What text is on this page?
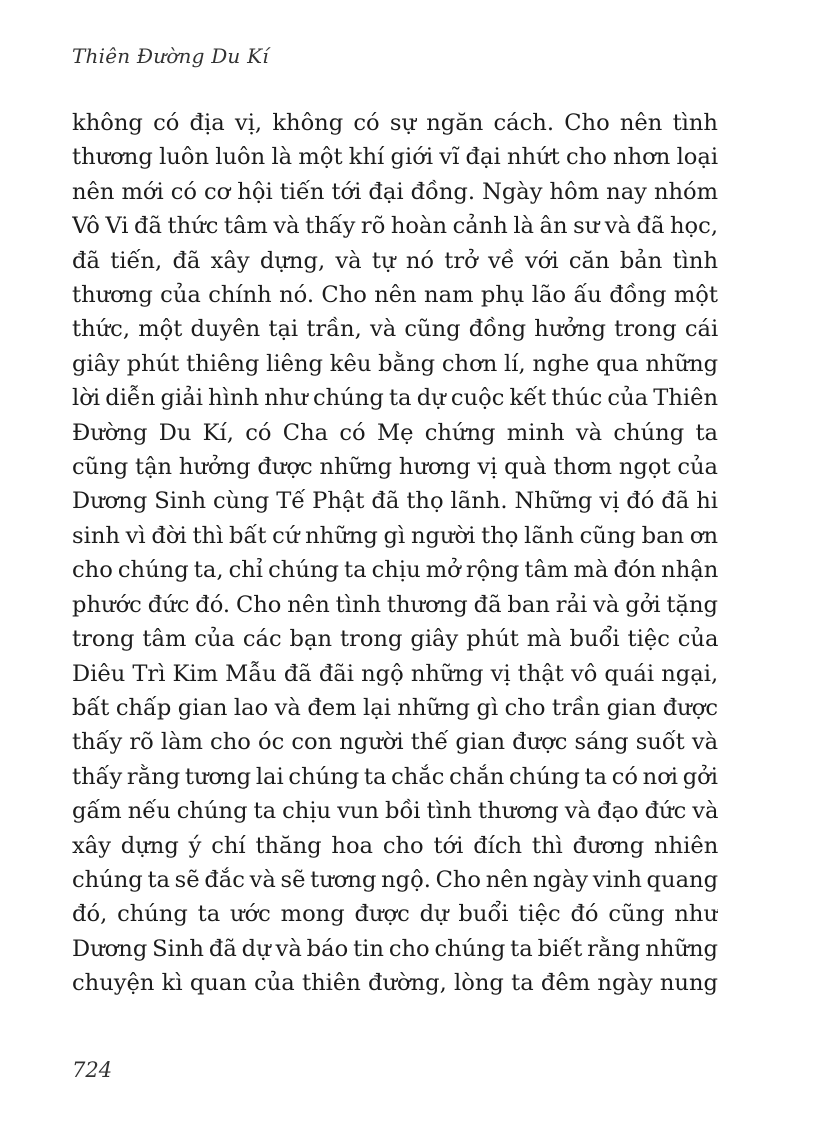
Thiên Đường Du Kí
không có địa vị, không có sự ngăn cách. Cho nên tình
thương luôn luôn là một khí giới vĩ đại nhứt cho nhơn loại
nên mới có cơ hội tiến tới đại đồng. Ngày hôm nay nhóm
Vô Vi đã thức tâm và thấy rõ hoàn cảnh là ân sư và đã học,
đã tiến, đã xây dựng, và tự nó trở về với căn bản tình
thương của chính nó. Cho nên nam phụ lão ấu đồng một
thức, một duyên tại trần, và cũng đồng hưởng trong cái
giây phút thiêng liêng kêu bằng chơn lí, nghe qua những
lời diễn giải hình như chúng ta dự cuộc kết thúc của Thiên
Đường Du Kí, có Cha có Mẹ chứng minh và chúng ta
cũng tận hưởng được những hương vị quà thơm ngọt của
Dương Sinh cùng Tế Phật đã thọ lãnh. Những vị đó đã hi
sinh vì đời thì bất cứ những gì người thọ lãnh cũng ban ơn
cho chúng ta, chỉ chúng ta chịu mở rộng tâm mà đón nhận
phước đức đó. Cho nên tình thương đã ban rải và gởi tặng
trong tâm của các bạn trong giây phút mà buổi tiệc của
Diêu Trì Kim Mẫu đã đãi ngộ những vị thật vô quái ngại,
bất chấp gian lao và đem lại những gì cho trần gian được
thấy rõ làm cho óc con người thế gian được sáng suốt và
thấy rằng tương lai chúng ta chắc chắn chúng ta có nơi gởi
gấm nếu chúng ta chịu vun bồi tình thương và đạo đức và
xây dựng ý chí thăng hoa cho tới đích thì đương nhiên
chúng ta sẽ đắc và sẽ tương ngộ. Cho nên ngày vinh quang
đó, chúng ta ước mong được dự buổi tiệc đó cũng như
Dương Sinh đã dự và báo tin cho chúng ta biết rằng những
chuyện kì quan của thiên đường, lòng ta đêm ngày nung
724
